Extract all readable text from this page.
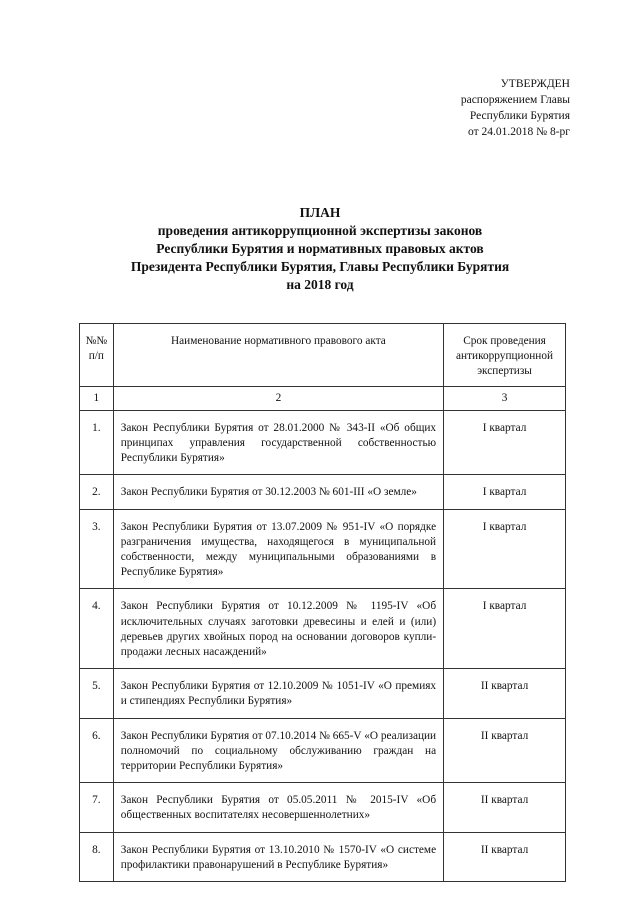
УТВЕРЖДЕН
распоряжением Главы
Республики Бурятия
от 24.01.2018 № 8-рг
ПЛАН
проведения антикоррупционной экспертизы законов
Республики Бурятия и нормативных правовых актов
Президента Республики Бурятия, Главы Республики Бурятия
на 2018 год
№№ п/п	Наименование нормативного правового акта	Срок проведения антикоррупционной экспертизы
1	2	3
1.	Закон Республики Бурятия от 28.01.2000 № 343-II «Об общих принципах управления государственной собственностью Республики Бурятия»	I квартал
2.	Закон Республики Бурятия от 30.12.2003 № 601-III «О земле»	I квартал
3.	Закон Республики Бурятия от 13.07.2009 № 951-IV «О порядке разграничения имущества, находящегося в муниципальной собственности, между муниципальными образованиями в Республике Бурятия»	I квартал
4.	Закон Республики Бурятия от 10.12.2009 № 1195-IV «Об исключительных случаях заготовки древесины и елей и (или) деревьев других хвойных пород на основании договоров купли-продажи лесных насаждений»	I квартал
5.	Закон Республики Бурятия от 12.10.2009 № 1051-IV «О премиях и стипендиях Республики Бурятия»	II квартал
6.	Закон Республики Бурятия от 07.10.2014 № 665-V «О реализации полномочий по социальному обслуживанию граждан на территории Республики Бурятия»	II квартал
7.	Закон Республики Бурятия от 05.05.2011 № 2015-IV «Об общественных воспитателях несовершеннолетних»	II квартал
8.	Закон Республики Бурятия от 13.10.2010 № 1570-IV «О системе профилактики правонарушений в Республике Бурятия»	II квартал
